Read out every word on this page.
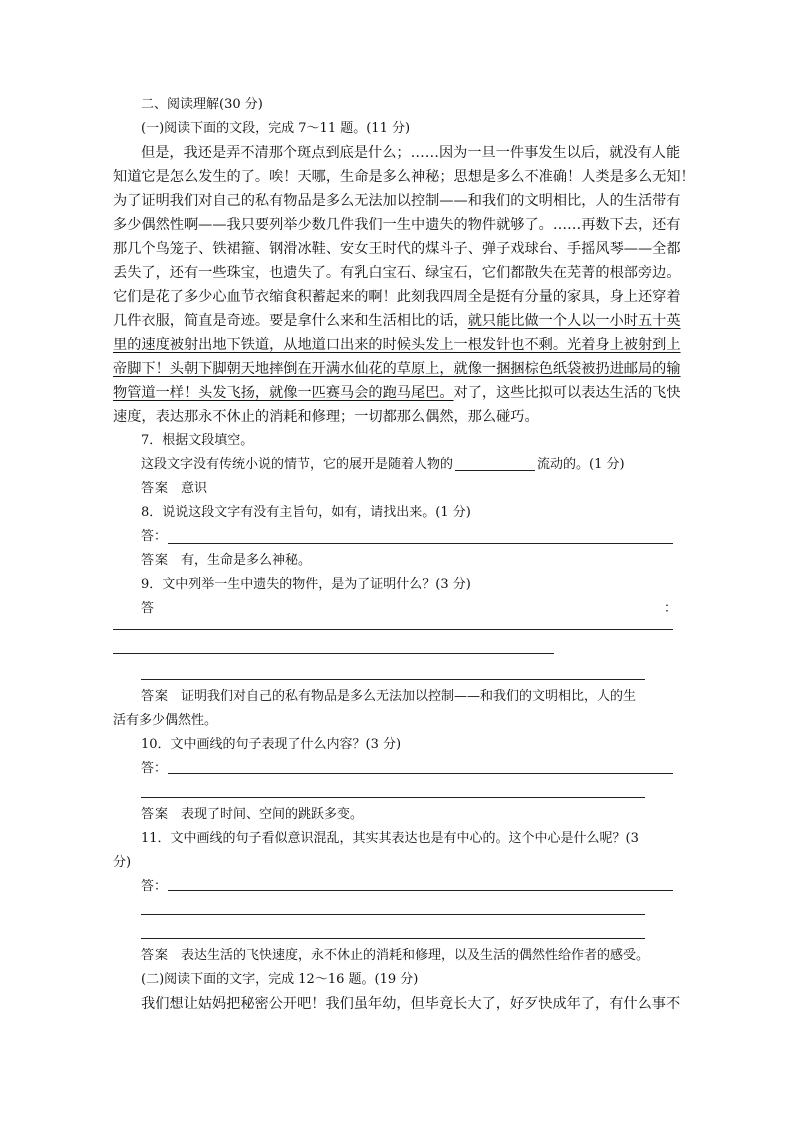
二、阅读理解(30 分)
(一)阅读下面的文段，完成 7～11 题。(11 分)
但是，我还是弄不清那个斑点到底是什么；……因为一旦一件事发生以后，就没有人能
知道它是怎么发生的了。唉！天哪，生命是多么神秘；思想是多么不准确！人类是多么无知！
为了证明我们对自己的私有物品是多么无法加以控制——和我们的文明相比，人的生活带有
多少偶然性啊——我只要列举少数几件我们一生中遗失的物件就够了。……再数下去，还有
那几个鸟笼子、铁裙箍、钢滑冰鞋、安女王时代的煤斗子、弹子戏球台、手摇风琴——全都
丢失了，还有一些珠宝，也遗失了。有乳白宝石、绿宝石，它们都散失在芜菁的根部旁边。
它们是花了多少心血节衣缩食积蓄起来的啊！此刻我四周全是挺有分量的家具，身上还穿着
几件衣服，简直是奇迹。要是拿什么来和生活相比的话，就只能比做一个人以一小时五十英
里的速度被射出地下铁道，从地道口出来的时候头发上一根发针也不剩。光着身上被射到上
帝脚下！头朝下脚朝天地摔倒在开满水仙花的草原上，就像一捆捆棕色纸袋被扔进邮局的输
物管道一样！头发飞扬，就像一匹赛马会的跑马尾巴。对了，这些比拟可以表达生活的飞快
速度，表达那永不休止的消耗和修理；一切都那么偶然，那么碰巧。
7．根据文段填空。
这段文字没有传统小说的情节，它的展开是随着人物的	流动的。(1 分)
答案 意识
8．说说这段文字有没有主旨句，如有，请找出来。(1 分)
答：
答案 有，生命是多么神秘。
9．文中列举一生中遗失的物件，是为了证明什么？(3 分)
答	：
答案 证明我们对自己的私有物品是多么无法加以控制——和我们的文明相比，人的生
活有多少偶然性。
10．文中画线的句子表现了什么内容？(3 分)
答：
答案 表现了时间、空间的跳跃多变。
11．文中画线的句子看似意识混乱，其实其表达也是有中心的。这个中心是什么呢？(3
分)
答：
答案 表达生活的飞快速度，永不休止的消耗和修理，以及生活的偶然性给作者的感受。
(二)阅读下面的文字，完成 12～16 题。(19 分)
我们想让姑妈把秘密公开吧！我们虽年幼，但毕竟长大了，好歹快成年了，有什么事不
